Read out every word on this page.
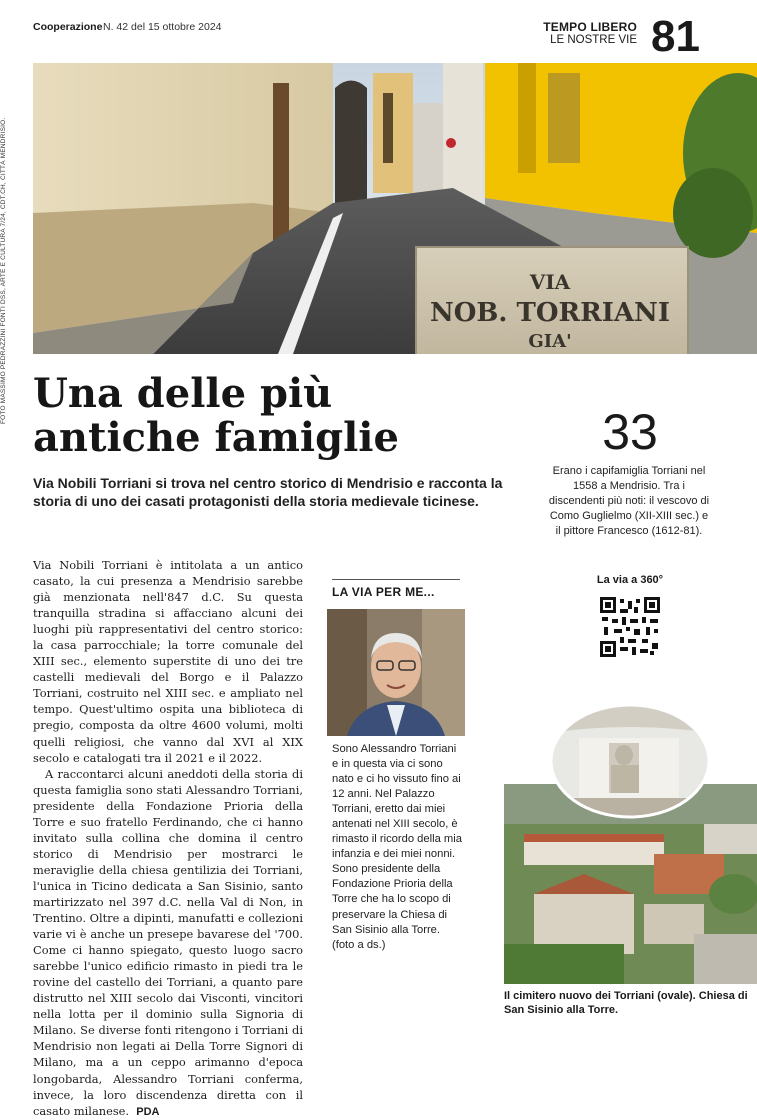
Cooperazione N. 42 del 15 ottobre 2024	TEMPO LIBERO
LE NOSTRE VIE 81
FOTO MASSIMO PEDRAZZINI FONTI DSS, ARTE E CULTURA 7/24, CDT.CH, CITTÀ MENDRISIO.	VIA
NOB. TORRIANI
GIA'
Una delle più
antiche famiglie
Via Nobili Torriani si trova nel centro storico di Mendrisio e racconta la storia di uno dei casati protagonisti della storia medievale ticinese.
33
Erano i capifamiglia Torriani nel 1558 a Mendrisio. Tra i discendenti più noti: il vescovo di Como Guglielmo (XII-XIII sec.) e il pittore Francesco (1612-81).
La via a 360°

Via Nobili Torriani è intitolata a un antico casato, la cui presenza a Mendrisio sarebbe già menzionata nell'847 d.C. Su questa tranquilla stradina si affacciano alcuni dei luoghi più rappresentativi del centro storico: la casa parrocchiale; la torre comunale del XIII sec., elemento superstite di uno dei tre castelli medievali del Borgo e il Palazzo Torriani, costruito nel XIII sec. e ampliato nel tempo. Quest'ultimo ospita una biblioteca di pregio, composta da oltre 4600 volumi, molti quelli religiosi, che vanno dal XVI al XIX secolo e catalogati tra il 2021 e il 2022.

A raccontarci alcuni aneddoti della storia di questa famiglia sono stati Alessandro Torriani, presidente della Fondazione Prioria della Torre e suo fratello Ferdinando, che ci hanno invitato sulla collina che domina il centro storico di Mendrisio per mostrarci le meraviglie della chiesa gentilizia dei Torriani, l'unica in Ticino dedicata a San Sisinio, santo martirizzato nel 397 d.C. nella Val di Non, in Trentino. Oltre a dipinti, manufatti e collezioni varie vi è anche un presepe bavarese del '700. Come ci hanno spiegato, questo luogo sacro sarebbe l'unico edificio rimasto in piedi tra le rovine del castello dei Torriani, a quanto pare distrutto nel XIII secolo dai Visconti, vincitori nella lotta per il dominio sulla Signoria di Milano. Se diverse fonti ritengono i Torriani di Mendrisio non legati ai Della Torre Signori di Milano, ma a un ceppo arimanno d'epoca longobarda, Alessandro Torriani conferma, invece, la loro discendenza diretta con il casato milanese. PDA

LA VIA PER ME...
Sono Alessandro Torriani e in questa via ci sono nato e ci ho vissuto fino ai 12 anni. Nel Palazzo Torriani, eretto dai miei antenati nel XIII secolo, è rimasto il ricordo della mia infanzia e dei miei nonni. Sono presidente della Fondazione Prioria della Torre che ha lo scopo di preservare la Chiesa di San Sisinio alla Torre. (foto a ds.)
Il cimitero nuovo dei Torriani (ovale). Chiesa di San Sisinio alla Torre.
